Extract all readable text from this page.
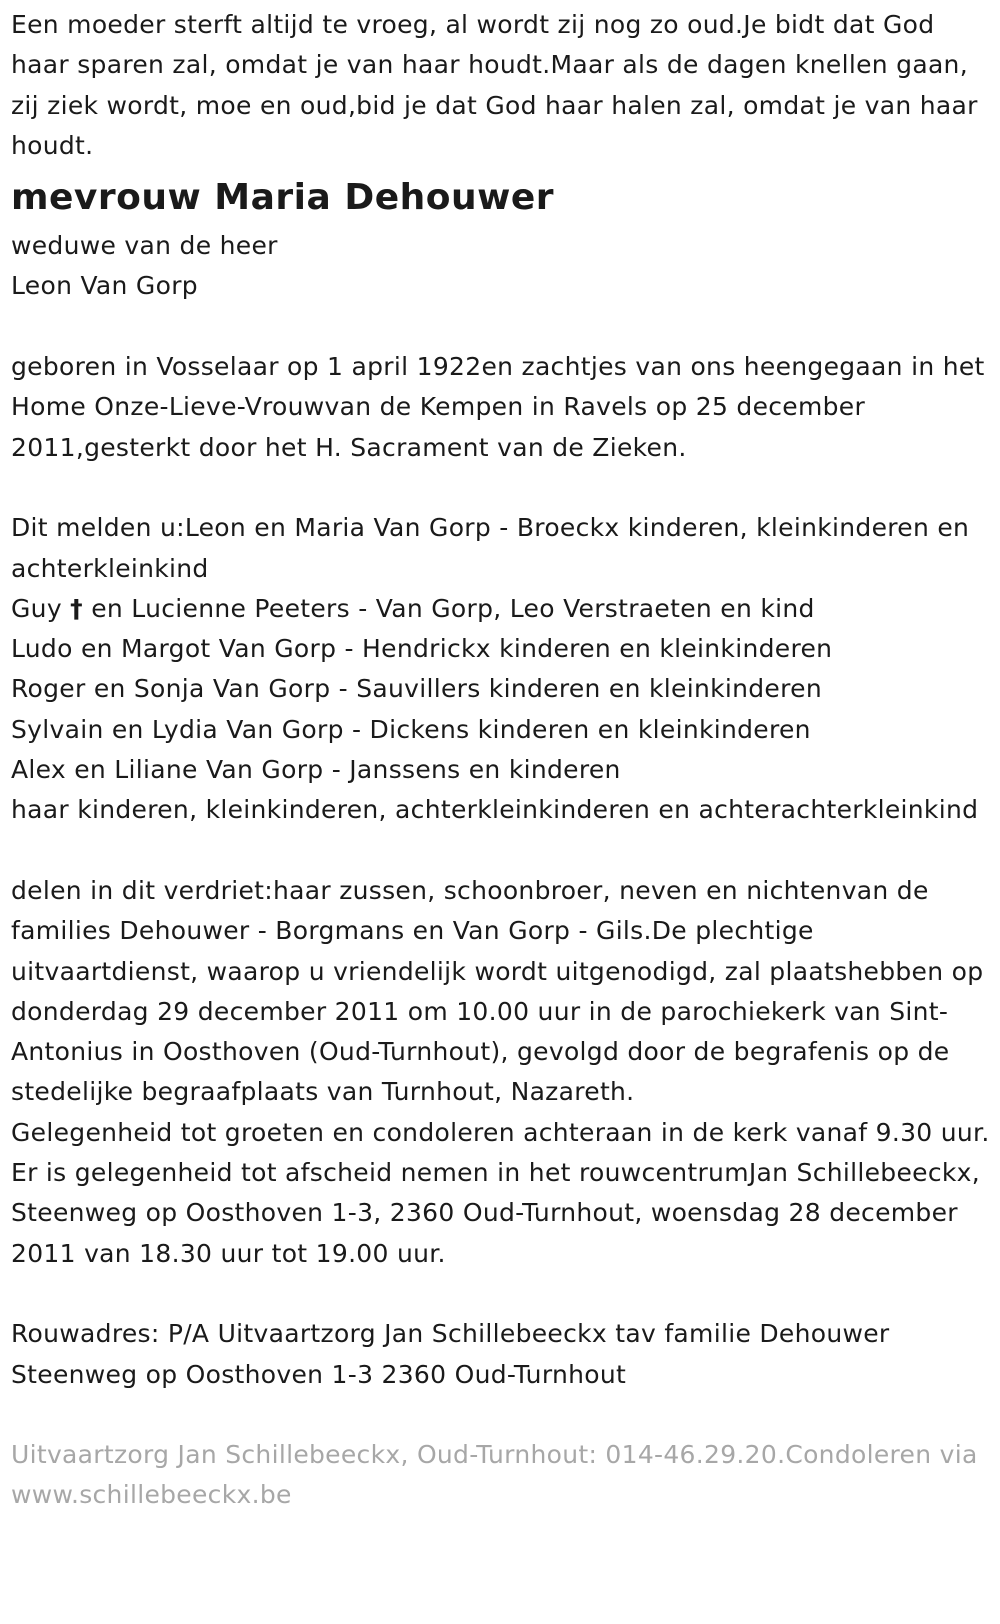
Een moeder sterft altijd te vroeg, al wordt zij nog zo oud.Je bidt dat God haar sparen zal, omdat je van haar houdt.Maar als de dagen knellen gaan, zij ziek wordt, moe en oud,bid je dat God haar halen zal, omdat je van haar houdt.

mevrouw Maria Dehouwer
weduwe van de heer
Leon Van Gorp

geboren in Vosselaar op 1 april 1922en zachtjes van ons heengegaan in het Home Onze-Lieve-Vrouwvan de Kempen in Ravels op 25 december 2011,gesterkt door het H. Sacrament van de Zieken.

Dit melden u:Leon en Maria Van Gorp - Broeckx kinderen, kleinkinderen en achterkleinkind

Guy † en Lucienne Peeters - Van Gorp, Leo Verstraeten en kind
Ludo en Margot Van Gorp - Hendrickx kinderen en kleinkinderen
Roger en Sonja Van Gorp - Sauvillers kinderen en kleinkinderen
Sylvain en Lydia Van Gorp - Dickens kinderen en kleinkinderen
Alex en Liliane Van Gorp - Janssens en kinderen

haar kinderen, kleinkinderen, achterkleinkinderen en achterachterkleinkind

delen in dit verdriet:haar zussen, schoonbroer, neven en nichtenvan de families Dehouwer - Borgmans en Van Gorp - Gils.De plechtige uitvaartdienst, waarop u vriendelijk wordt uitgenodigd, zal plaatshebben op donderdag 29 december 2011 om 10.00 uur in de parochiekerk van Sint-Antonius in Oosthoven (Oud-Turnhout), gevolgd door de begrafenis op de stedelijke begraafplaats van Turnhout, Nazareth.

Gelegenheid tot groeten en condoleren achteraan in de kerk vanaf 9.30 uur.

Er is gelegenheid tot afscheid nemen in het rouwcentrumJan Schillebeeckx, Steenweg op Oosthoven 1-3, 2360 Oud-Turnhout, woensdag 28 december 2011 van 18.30 uur tot 19.00 uur.

Rouwadres: P/A Uitvaartzorg Jan Schillebeeckx tav familie Dehouwer
Steenweg op Oosthoven 1-3 2360 Oud-Turnhout

Uitvaartzorg Jan Schillebeeckx, Oud-Turnhout: 014-46.29.20.Condoleren via www.schillebeeckx.be
